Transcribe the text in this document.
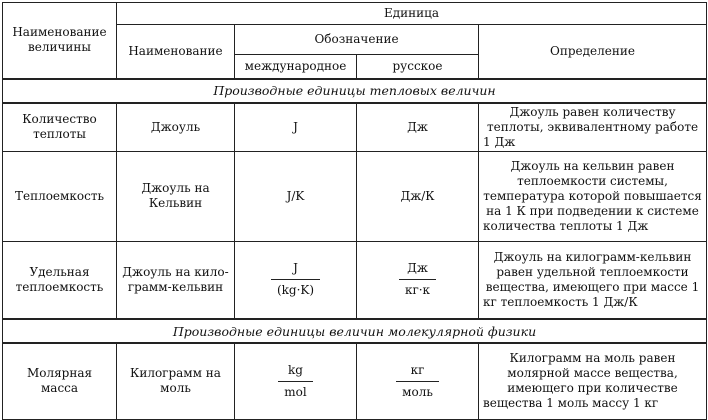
Наименование величины	Единица			
	Наименование	Обозначение		Определение
		международное	русское	
Производные единицы тепловых величин				
Количество теплоты	Джоуль	J	Дж	Джоуль равен количеству теплоты, эквивалентному работе 1 Дж
Теплоемкость	Джоуль на Кельвин	J/K	Дж/К	Джоуль на кельвин равен теплоемкости системы, температура которой повышается на 1 К при подведении к системе количества теплоты 1 Дж
Удельная теплоемкость	Джоуль на кило-грамм-кельвин	$\frac{J}{(kg\cdot K)}$	$\frac{Дж}{кг\cdot к}$	Джоуль на килограмм-кельвин равен удельной теплоемкости вещества, имеющего при массе 1 кг теплоемкость 1 Дж/К
Производные единицы величин молекулярной физики				
Молярная масса	Килограмм на моль	$\frac{kg}{\text{mol}}$	$\frac{кг}{\text{моль}}$	Килограмм на моль равен молярной массе вещества, имеющего при количестве вещества 1 моль массу 1 кг
